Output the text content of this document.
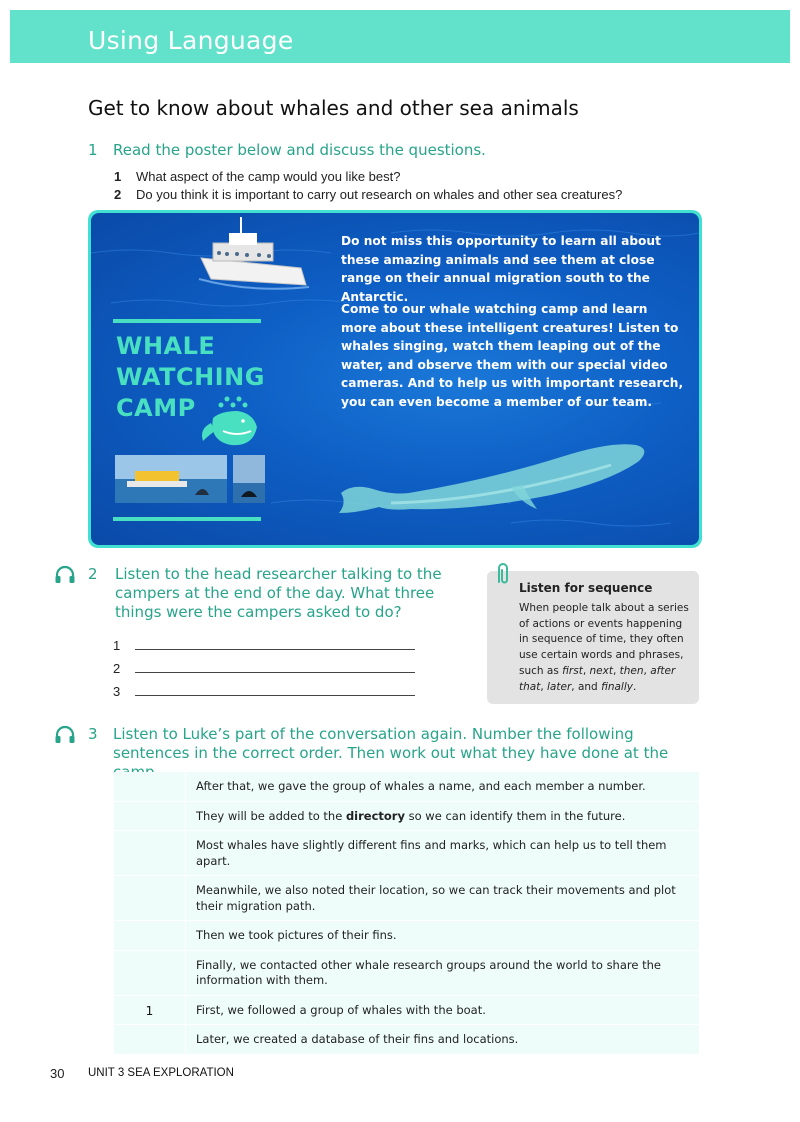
Using Language
Get to know about whales and other sea animals
1 Read the poster below and discuss the questions.
1 What aspect of the camp would you like best?
2 Do you think it is important to carry out research on whales and other sea creatures?
WHALE
WATCHING
CAMP
Do not miss this opportunity to learn all about these amazing animals and see them at close range on their annual migration south to the Antarctic.
Come to our whale watching camp and learn more about these intelligent creatures! Listen to whales singing, watch them leaping out of the water, and observe them with our special video cameras. And to help us with important research, you can even become a member of our team.
2 Listen to the head researcher talking to the campers at the end of the day. What three things were the campers asked to do?
1
2
3
Listen for sequence
When people talk about a series of actions or events happening in sequence of time, they often use certain words and phrases, such as first, next, then, after that, later, and finally.
3 Listen to Luke’s part of the conversation again. Number the following sentences in the correct order. Then work out what they have done at the
After that, we gave the group of whales a name, and each member a number.
They will be added to the directory so we can identify them in the future.
Most whales have slightly different fins and marks, which can help us to tell them apart.
Meanwhile, we also noted their location, so we can track their movements and plot their migration path.
Then we took pictures of their fins.
Finally, we contacted other whale research groups around the world to share the information with them.
1	First, we followed a group of whales with the boat.
Later, we created a database of their fins and locations.
30 UNIT 3 SEA EXPLORATION
